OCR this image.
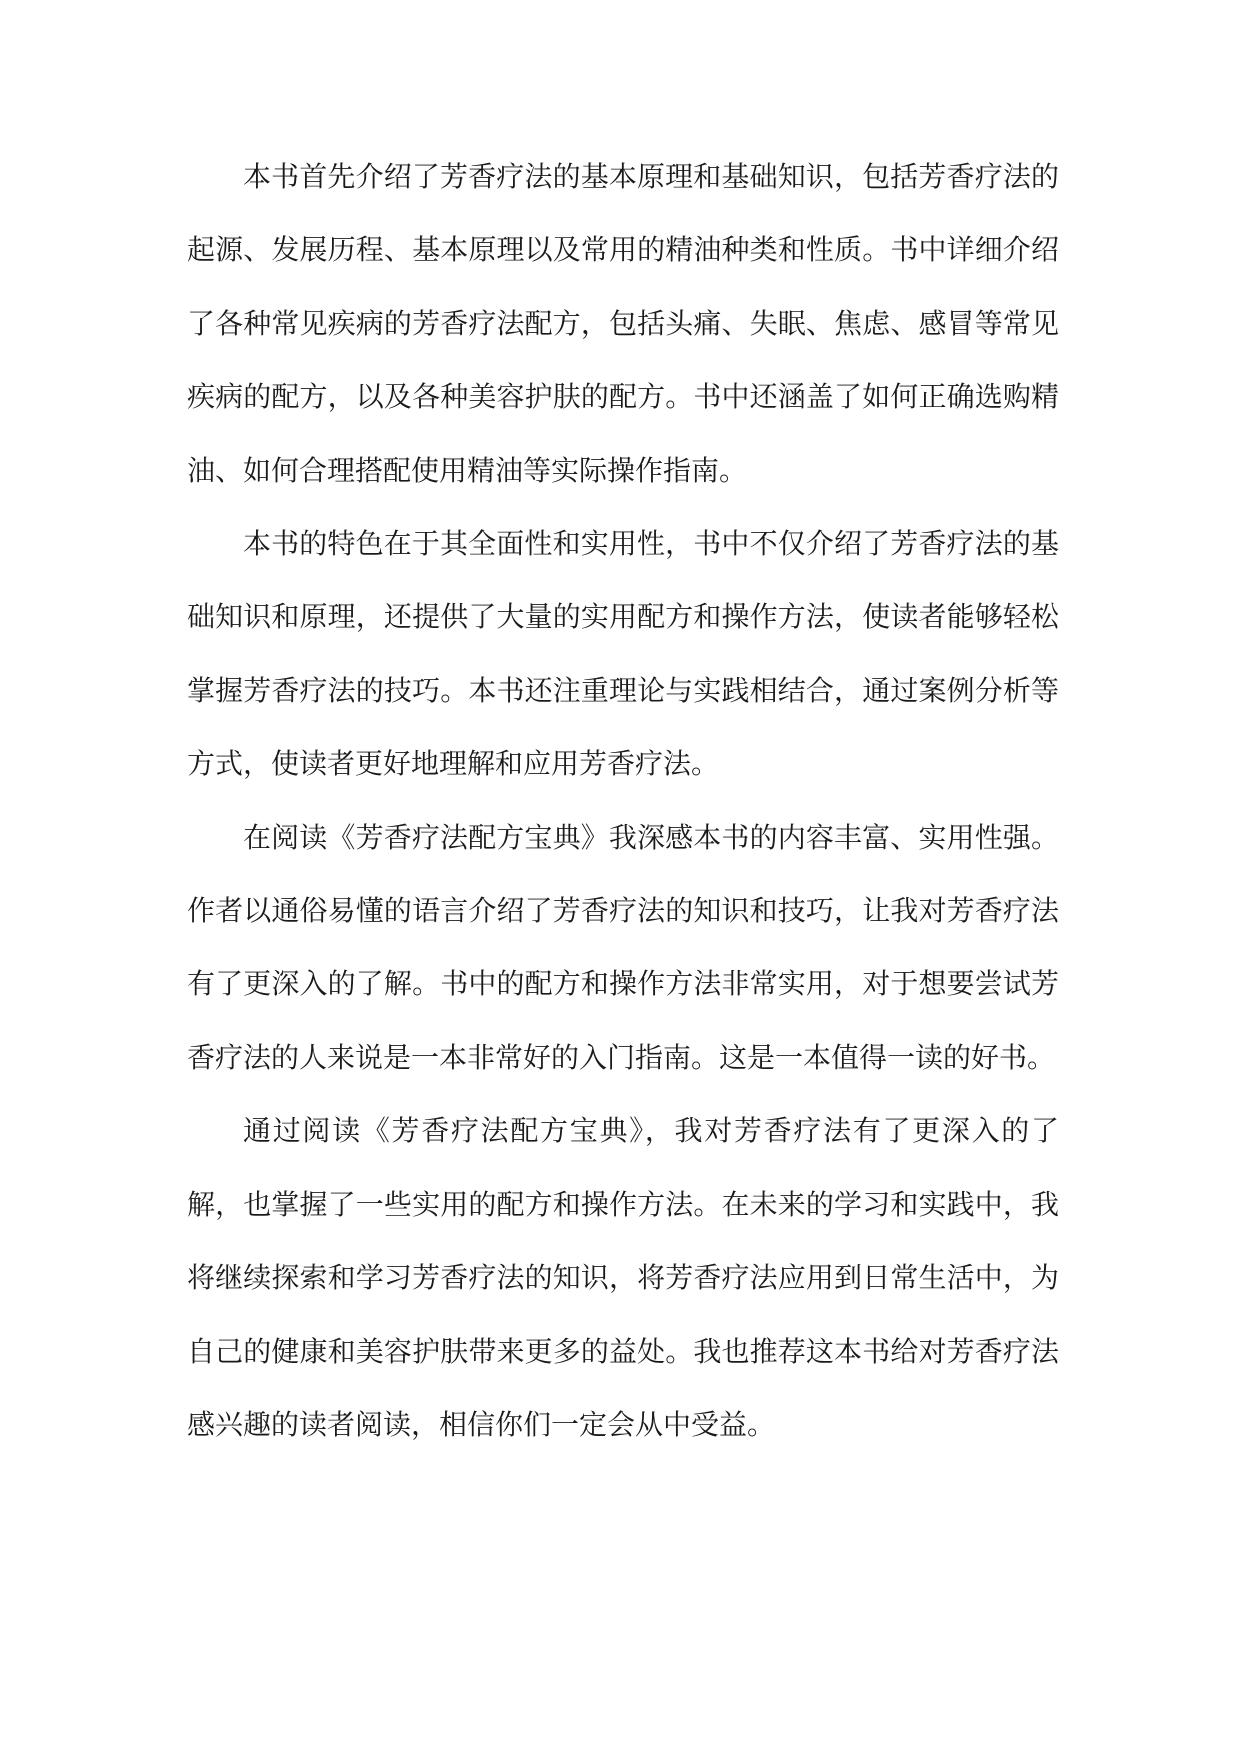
本书首先介绍了芳香疗法的基本原理和基础知识，包括芳香疗法的起源、发展历程、基本原理以及常用的精油种类和性质。书中详细介绍了各种常见疾病的芳香疗法配方，包括头痛、失眠、焦虑、感冒等常见疾病的配方，以及各种美容护肤的配方。书中还涵盖了如何正确选购精油、如何合理搭配使用精油等实际操作指南。

本书的特色在于其全面性和实用性，书中不仅介绍了芳香疗法的基础知识和原理，还提供了大量的实用配方和操作方法，使读者能够轻松掌握芳香疗法的技巧。本书还注重理论与实践相结合，通过案例分析等方式，使读者更好地理解和应用芳香疗法。

在阅读《芳香疗法配方宝典》我深感本书的内容丰富、实用性强。作者以通俗易懂的语言介绍了芳香疗法的知识和技巧，让我对芳香疗法有了更深入的了解。书中的配方和操作方法非常实用，对于想要尝试芳香疗法的人来说是一本非常好的入门指南。这是一本值得一读的好书。

通过阅读《芳香疗法配方宝典》，我对芳香疗法有了更深入的了解，也掌握了一些实用的配方和操作方法。在未来的学习和实践中，我将继续探索和学习芳香疗法的知识，将芳香疗法应用到日常生活中，为自己的健康和美容护肤带来更多的益处。我也推荐这本书给对芳香疗法感兴趣的读者阅读，相信你们一定会从中受益。
